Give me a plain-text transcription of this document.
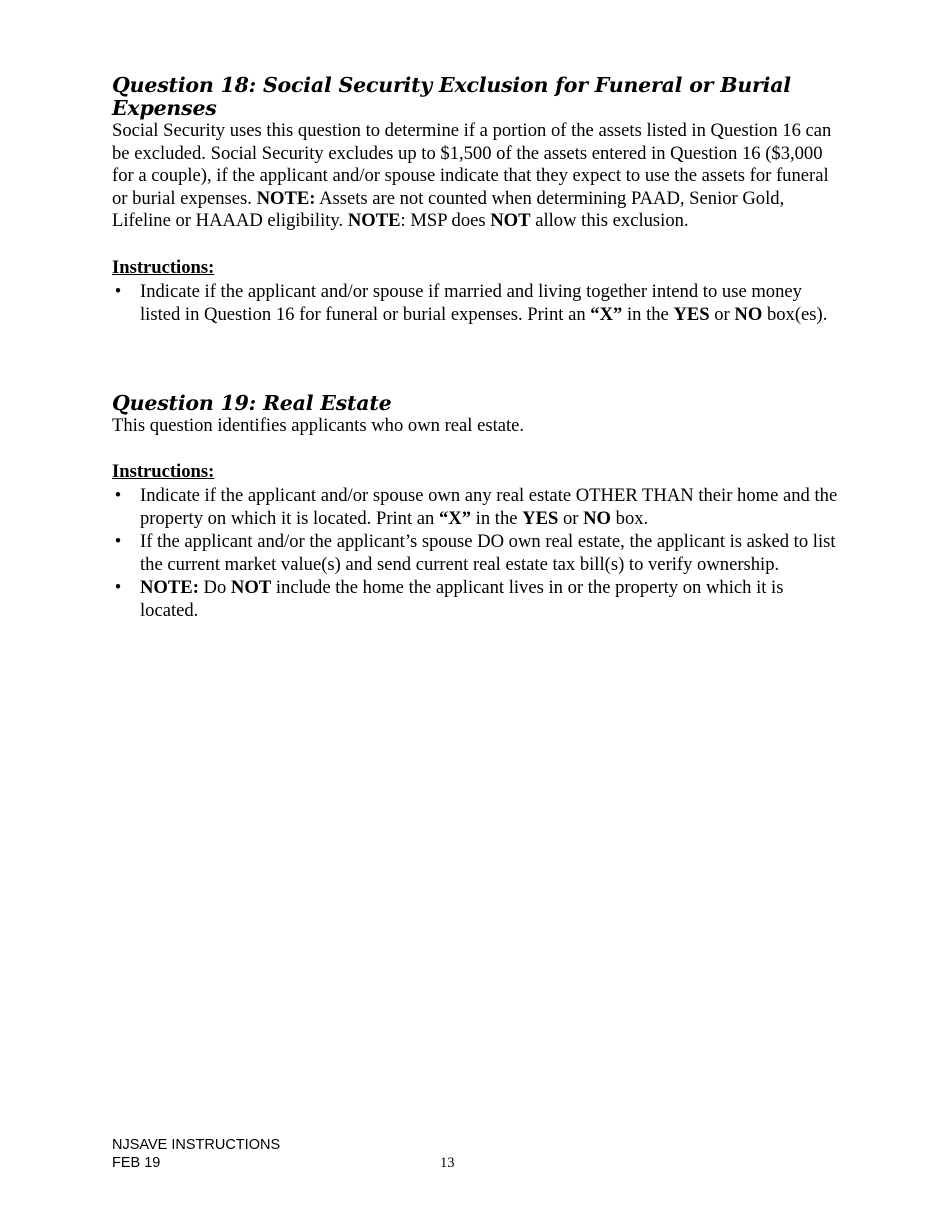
Question 18: Social Security Exclusion for Funeral or Burial Expenses

Social Security uses this question to determine if a portion of the assets listed in Question 16 can be excluded. Social Security excludes up to $1,500 of the assets entered in Question 16 ($3,000 for a couple), if the applicant and/or spouse indicate that they expect to use the assets for funeral or burial expenses. NOTE: Assets are not counted when determining PAAD, Senior Gold, Lifeline or HAAAD eligibility. NOTE: MSP does NOT allow this exclusion.

Instructions:

• Indicate if the applicant and/or spouse if married and living together intend to use money listed in Question 16 for funeral or burial expenses. Print an “X” in the YES or NO box(es).
Question 19: Real Estate

This question identifies applicants who own real estate.

Instructions:

• Indicate if the applicant and/or spouse own any real estate OTHER THAN their home and the property on which it is located. Print an “X” in the YES or NO box.
• If the applicant and/or the applicant’s spouse DO own real estate, the applicant is asked to list the current market value(s) and send current real estate tax bill(s) to verify ownership.
• NOTE: Do NOT include the home the applicant lives in or the property on which it is located.
NJSAVE INSTRUCTIONS
FEB 19	13
